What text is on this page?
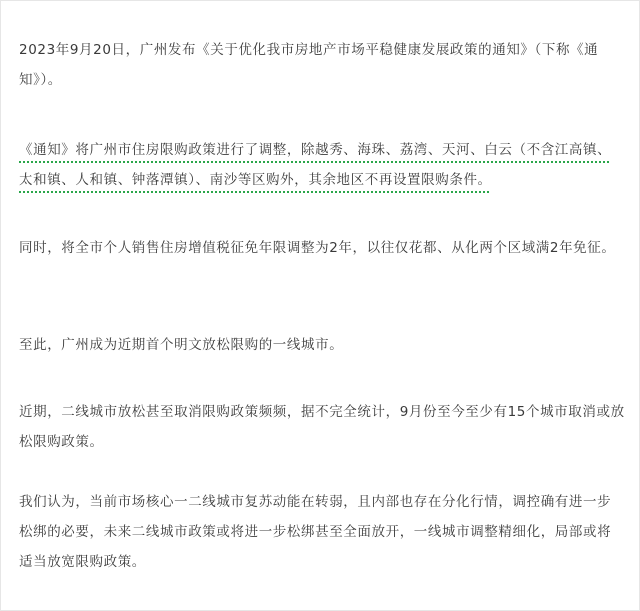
2023年9月20日，广州发布《关于优化我市房地产市场平稳健康发展政策的通知》（下称《通知》）。

《通知》将广州市住房限购政策进行了调整，除越秀、海珠、荔湾、天河、白云（不含江高镇、太和镇、人和镇、钟落潭镇）、南沙等区购外，其余地区不再设置限购条件。

同时，将全市个人销售住房增值税征免年限调整为2年，以往仅花都、从化两个区域满2年免征。

至此，广州成为近期首个明文放松限购的一线城市。

近期，二线城市放松甚至取消限购政策频频，据不完全统计，9月份至今至少有15个城市取消或放松限购政策。

我们认为，当前市场核心一二线城市复苏动能在转弱，且内部也存在分化行情，调控确有进一步松绑的必要，未来二线城市政策或将进一步松绑甚至全面放开，一线城市调整精细化，局部或将适当放宽限购政策。
